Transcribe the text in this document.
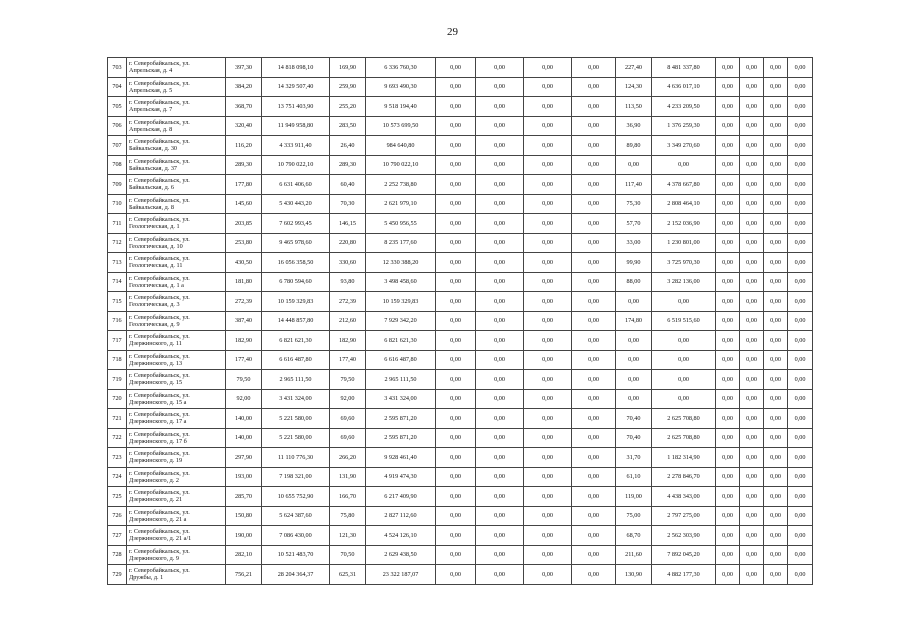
29
703	г. Северобайкальск, ул.
Апрельская, д. 4	397,30	14 818 098,10	169,90	6 336 760,30	0,00	0,00	0,00	0,00	227,40	8 481 337,80	0,00	0,00	0,00	0,00
704	г. Северобайкальск, ул.
Апрельская, д. 5	384,20	14 329 507,40	259,90	9 693 490,30	0,00	0,00	0,00	0,00	124,30	4 636 017,10	0,00	0,00	0,00	0,00
705	г. Северобайкальск, ул.
Апрельская, д. 7	368,70	13 751 403,90	255,20	9 518 194,40	0,00	0,00	0,00	0,00	113,50	4 233 209,50	0,00	0,00	0,00	0,00
706	г. Северобайкальск, ул.
Апрельская, д. 8	320,40	11 949 958,80	283,50	10 573 699,50	0,00	0,00	0,00	0,00	36,90	1 376 259,30	0,00	0,00	0,00	0,00
707	г. Северобайкальск, ул.
Байкальская, д. 30	116,20	4 333 911,40	26,40	984 640,80	0,00	0,00	0,00	0,00	89,80	3 349 270,60	0,00	0,00	0,00	0,00
708	г. Северобайкальск, ул.
Байкальская, д. 37	289,30	10 790 022,10	289,30	10 790 022,10	0,00	0,00	0,00	0,00	0,00	0,00	0,00	0,00	0,00	0,00
709	г. Северобайкальск, ул.
Байкальская, д. 6	177,80	6 631 406,60	60,40	2 252 738,80	0,00	0,00	0,00	0,00	117,40	4 378 667,80	0,00	0,00	0,00	0,00
710	г. Северобайкальск, ул.
Байкальская, д. 8	145,60	5 430 443,20	70,30	2 621 979,10	0,00	0,00	0,00	0,00	75,30	2 808 464,10	0,00	0,00	0,00	0,00
711	г. Северобайкальск, ул.
Геологическая, д. 1	203,85	7 602 993,45	146,15	5 450 956,55	0,00	0,00	0,00	0,00	57,70	2 152 036,90	0,00	0,00	0,00	0,00
712	г. Северобайкальск, ул.
Геологическая, д. 10	253,80	9 465 978,60	220,80	8 235 177,60	0,00	0,00	0,00	0,00	33,00	1 230 801,00	0,00	0,00	0,00	0,00
713	г. Северобайкальск, ул.
Геологическая, д. 11	430,50	16 056 358,50	330,60	12 330 388,20	0,00	0,00	0,00	0,00	99,90	3 725 970,30	0,00	0,00	0,00	0,00
714	г. Северобайкальск, ул.
Геологическая, д. 1 а	181,80	6 780 594,60	93,80	3 498 458,60	0,00	0,00	0,00	0,00	88,00	3 282 136,00	0,00	0,00	0,00	0,00
715	г. Северобайкальск, ул.
Геологическая, д. 3	272,39	10 159 329,83	272,39	10 159 329,83	0,00	0,00	0,00	0,00	0,00	0,00	0,00	0,00	0,00	0,00
716	г. Северобайкальск, ул.
Геологическая, д. 9	387,40	14 448 857,80	212,60	7 929 342,20	0,00	0,00	0,00	0,00	174,80	6 519 515,60	0,00	0,00	0,00	0,00
717	г. Северобайкальск, ул.
Дзержинского, д. 11	182,90	6 821 621,30	182,90	6 821 621,30	0,00	0,00	0,00	0,00	0,00	0,00	0,00	0,00	0,00	0,00
718	г. Северобайкальск, ул.
Дзержинского, д. 13	177,40	6 616 487,80	177,40	6 616 487,80	0,00	0,00	0,00	0,00	0,00	0,00	0,00	0,00	0,00	0,00
719	г. Северобайкальск, ул.
Дзержинского, д. 15	79,50	2 965 111,50	79,50	2 965 111,50	0,00	0,00	0,00	0,00	0,00	0,00	0,00	0,00	0,00	0,00
720	г. Северобайкальск, ул.
Дзержинского, д. 15 а	92,00	3 431 324,00	92,00	3 431 324,00	0,00	0,00	0,00	0,00	0,00	0,00	0,00	0,00	0,00	0,00
721	г. Северобайкальск, ул.
Дзержинского, д. 17 а	140,00	5 221 580,00	69,60	2 595 871,20	0,00	0,00	0,00	0,00	70,40	2 625 708,80	0,00	0,00	0,00	0,00
722	г. Северобайкальск, ул.
Дзержинского, д. 17 б	140,00	5 221 580,00	69,60	2 595 871,20	0,00	0,00	0,00	0,00	70,40	2 625 708,80	0,00	0,00	0,00	0,00
723	г. Северобайкальск, ул.
Дзержинского, д. 19	297,90	11 110 776,30	266,20	9 928 461,40	0,00	0,00	0,00	0,00	31,70	1 182 314,90	0,00	0,00	0,00	0,00
724	г. Северобайкальск, ул.
Дзержинского, д. 2	193,00	7 198 321,00	131,90	4 919 474,30	0,00	0,00	0,00	0,00	61,10	2 278 846,70	0,00	0,00	0,00	0,00
725	г. Северобайкальск, ул.
Дзержинского, д. 21	285,70	10 655 752,90	166,70	6 217 409,90	0,00	0,00	0,00	0,00	119,00	4 438 343,00	0,00	0,00	0,00	0,00
726	г. Северобайкальск, ул.
Дзержинского, д. 21 а	150,80	5 624 387,60	75,80	2 827 112,60	0,00	0,00	0,00	0,00	75,00	2 797 275,00	0,00	0,00	0,00	0,00
727	г. Северобайкальск, ул.
Дзержинского, д. 21 а/1	190,00	7 086 430,00	121,30	4 524 126,10	0,00	0,00	0,00	0,00	68,70	2 562 303,90	0,00	0,00	0,00	0,00
728	г. Северобайкальск, ул.
Дзержинского, д. 9	282,10	10 521 483,70	70,50	2 629 438,50	0,00	0,00	0,00	0,00	211,60	7 892 045,20	0,00	0,00	0,00	0,00
729	г. Северобайкальск, ул.
Дружбы, д. 1	756,21	28 204 364,37	625,31	23 322 187,07	0,00	0,00	0,00	0,00	130,90	4 882 177,30	0,00	0,00	0,00	0,00
